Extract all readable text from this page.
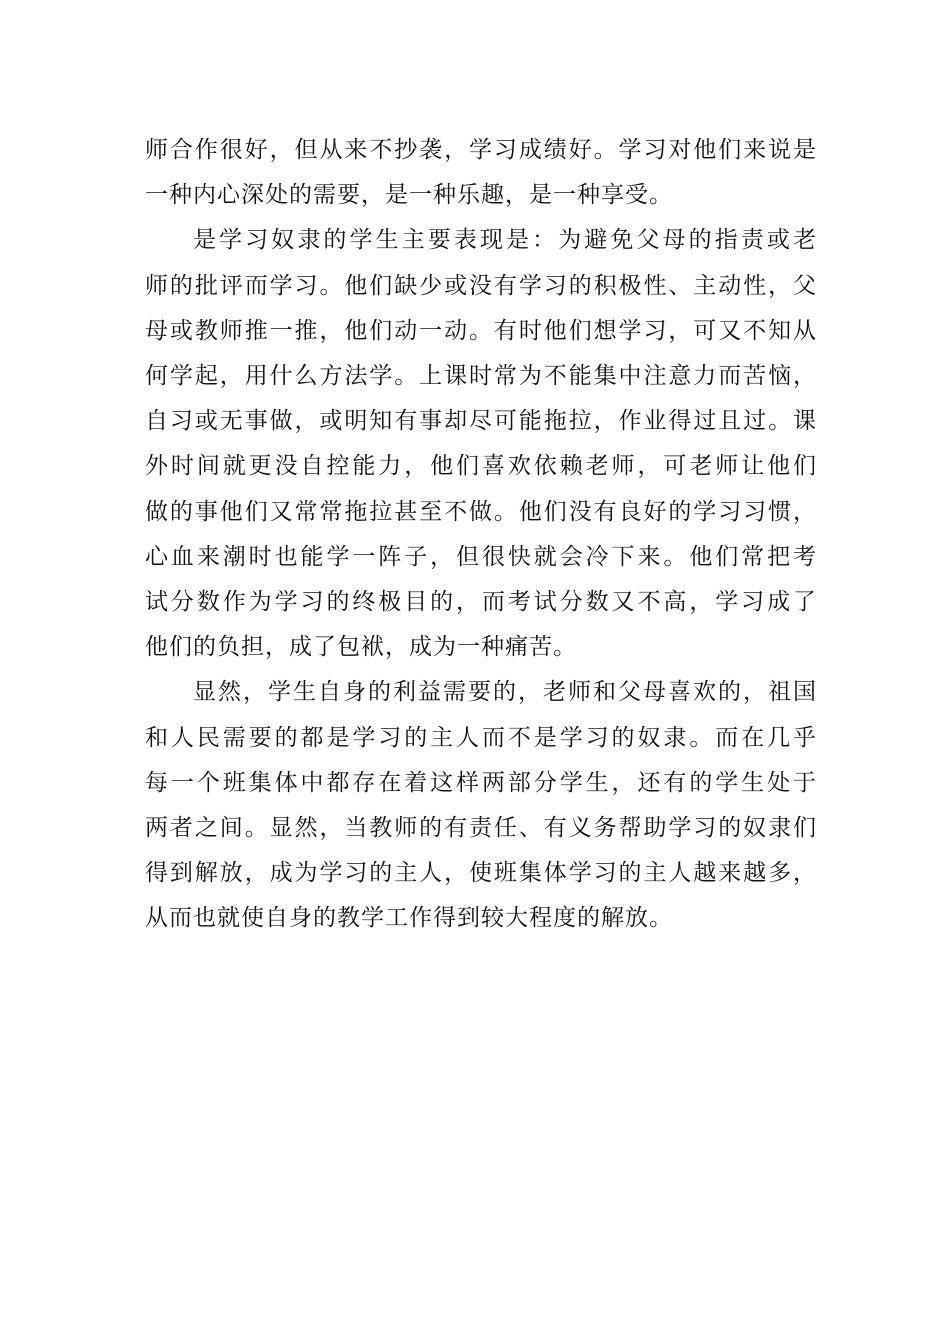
师合作很好，但从来不抄袭，学习成绩好。学习对他们来说是
一种内心深处的需要，是一种乐趣，是一种享受。

是学习奴隶的学生主要表现是：为避免父母的指责或老
师的批评而学习。他们缺少或没有学习的积极性、主动性，父
母或教师推一推，他们动一动。有时他们想学习，可又不知从
何学起，用什么方法学。上课时常为不能集中注意力而苦恼，
自习或无事做，或明知有事却尽可能拖拉，作业得过且过。课
外时间就更没自控能力，他们喜欢依赖老师，可老师让他们
做的事他们又常常拖拉甚至不做。他们没有良好的学习习惯，
心血来潮时也能学一阵子，但很快就会冷下来。他们常把考
试分数作为学习的终极目的，而考试分数又不高，学习成了
他们的负担，成了包袱，成为一种痛苦。

显然，学生自身的利益需要的，老师和父母喜欢的，祖国
和人民需要的都是学习的主人而不是学习的奴隶。而在几乎
每一个班集体中都存在着这样两部分学生，还有的学生处于
两者之间。显然，当教师的有责任、有义务帮助学习的奴隶们
得到解放，成为学习的主人，使班集体学习的主人越来越多，
从而也就使自身的教学工作得到较大程度的解放。
